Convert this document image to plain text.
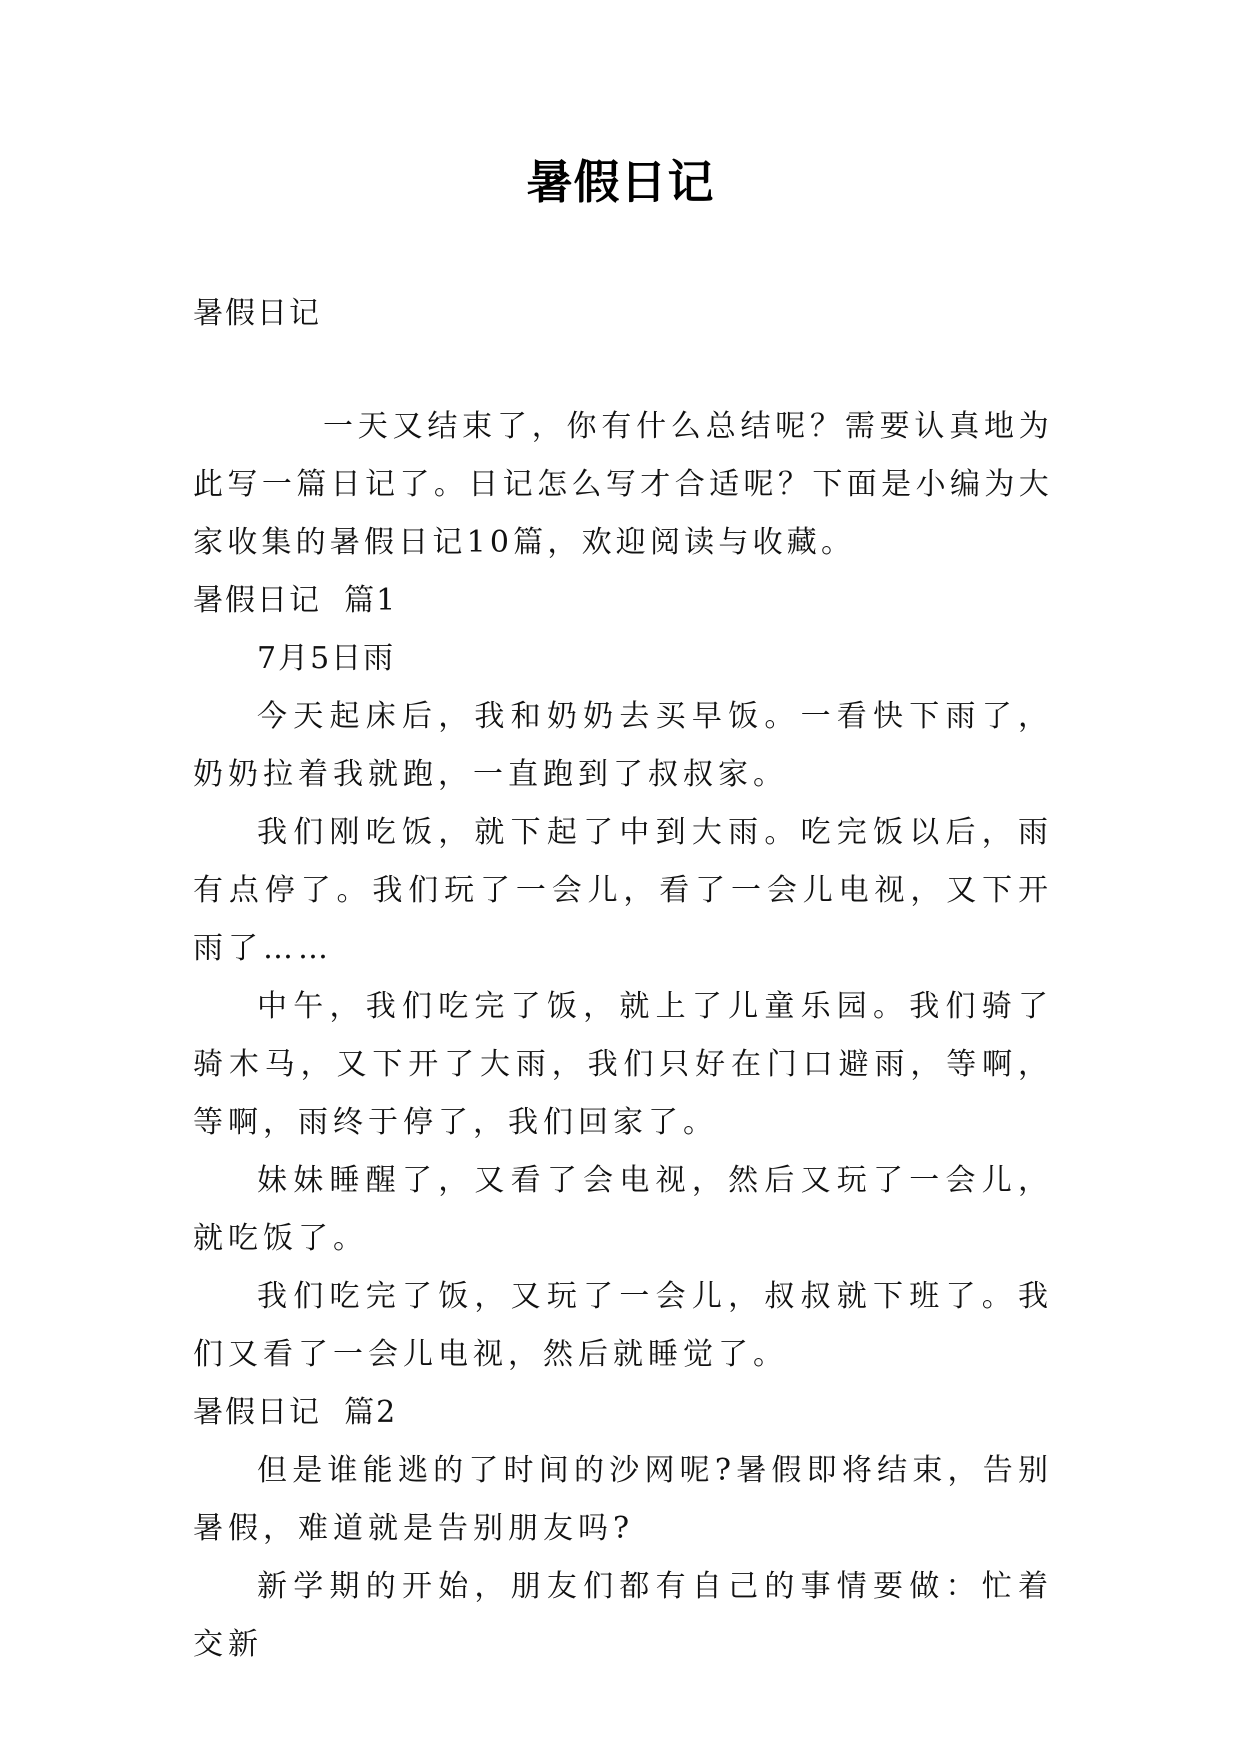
暑假日记

暑假日记

一天又结束了，你有什么总结呢？需要认真地为此写一篇日记了。日记怎么写才合适呢？下面是小编为大家收集的暑假日记10篇，欢迎阅读与收藏。

暑假日记  篇1

7月5日雨

今天起床后，我和奶奶去买早饭。一看快下雨了，奶奶拉着我就跑，一直跑到了叔叔家。

我们刚吃饭，就下起了中到大雨。吃完饭以后，雨有点停了。我们玩了一会儿，看了一会儿电视，又下开雨了……

中午，我们吃完了饭，就上了儿童乐园。我们骑了骑木马，又下开了大雨，我们只好在门口避雨，等啊，等啊，雨终于停了，我们回家了。

妹妹睡醒了，又看了会电视，然后又玩了一会儿，就吃饭了。

我们吃完了饭，又玩了一会儿，叔叔就下班了。我们又看了一会儿电视，然后就睡觉了。

暑假日记  篇2

但是谁能逃的了时间的沙网呢?暑假即将结束，告别暑假，难道就是告别朋友吗?

新学期的开始，朋友们都有自己的事情要做：忙着交新
